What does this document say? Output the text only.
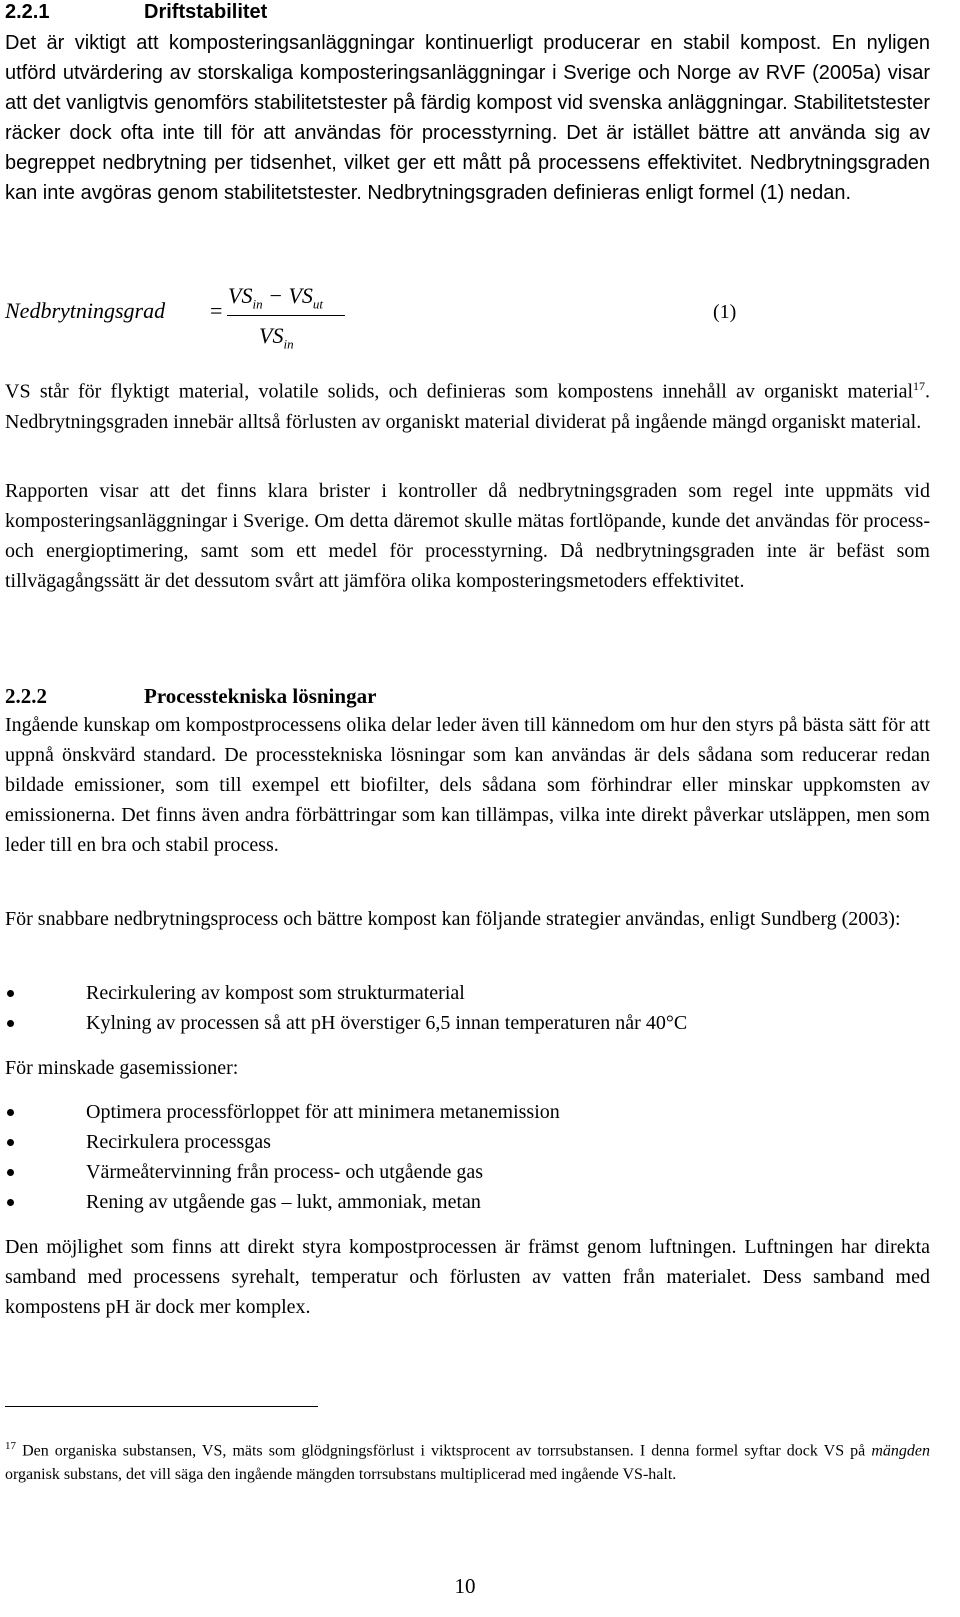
2.2.1	Driftstabilitet

Det är viktigt att komposteringsanläggningar kontinuerligt producerar en stabil kompost. En nyligen utförd utvärdering av storskaliga komposteringsanläggningar i Sverige och Norge av RVF (2005a) visar att det vanligtvis genomförs stabilitetstester på färdig kompost vid svenska anläggningar. Stabilitetstester räcker dock ofta inte till för att användas för processtyrning. Det är istället bättre att använda sig av begreppet nedbrytning per tidsenhet, vilket ger ett mått på processens effektivitet. Nedbrytningsgraden kan inte avgöras genom stabilitetstester. Nedbrytningsgraden definieras enligt formel (1) nedan.

Nedbrytningsgrad =
$VS_{in} - VS_{ut}$
$VS_{in}$
(1)

VS står för flyktigt material, volatile solids, och definieras som kompostens innehåll av organiskt material$^{17}$. Nedbrytningsgraden innebär alltså förlusten av organiskt material dividerat på ingående mängd organiskt material.

Rapporten visar att det finns klara brister i kontroller då nedbrytningsgraden som regel inte uppmäts vid komposteringsanläggningar i Sverige. Om detta däremot skulle mätas fortlöpande, kunde det användas för process- och energioptimering, samt som ett medel för processtyrning. Då nedbrytningsgraden inte är befäst som tillvägagångssätt är det dessutom svårt att jämföra olika komposteringsmetoders effektivitet.

2.2.2	Processtekniska lösningar

Ingående kunskap om kompostprocessens olika delar leder även till kännedom om hur den styrs på bästa sätt för att uppnå önskvärd standard. De processtekniska lösningar som kan användas är dels sådana som reducerar redan bildade emissioner, som till exempel ett biofilter, dels sådana som förhindrar eller minskar uppkomsten av emissionerna. Det finns även andra förbättringar som kan tillämpas, vilka inte direkt påverkar utsläppen, men som leder till en bra och stabil process.

För snabbare nedbrytningsprocess och bättre kompost kan följande strategier användas, enligt Sundberg (2003):

Recirkulering av kompost som strukturmaterial
Kylning av processen så att pH överstiger 6,5 innan temperaturen når 40°C

För minskade gasemissioner:

Optimera processförloppet för att minimera metanemission
Recirkulera processgas
Värmeåtervinning från process- och utgående gas
Rening av utgående gas – lukt, ammoniak, metan

Den möjlighet som finns att direkt styra kompostprocessen är främst genom luftningen. Luftningen har direkta samband med processens syrehalt, temperatur och förlusten av vatten från materialet. Dess samband med kompostens pH är dock mer komplex.

$^{17}$ Den organiska substansen, VS, mäts som glödgningsförlust i viktsprocent av torrsubstansen. I denna formel syftar dock VS på mängden organisk substans, det vill säga den ingående mängden torrsubstans multiplicerad med ingående VS-halt.

10
